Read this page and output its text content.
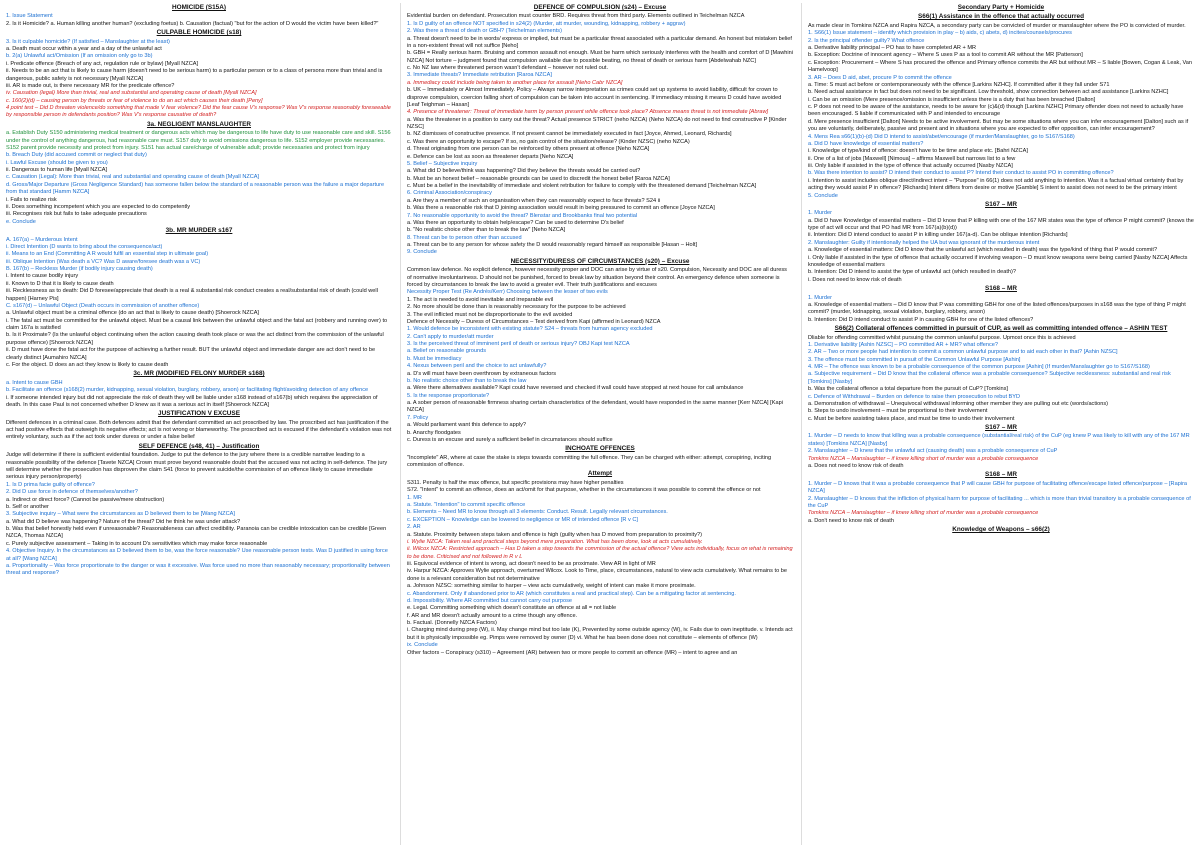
HOMICIDE (S15A)
1. Issue Statement
2. Is it Homicide? a. Human killing another human? (excluding foetus) b. Causation (factual) "but for the action of D would the victim have been killed?"
CULPABLE HOMICIDE (s18)
3. Is it culpable homicide? (If satisfied – Manslaughter at the least)
a. Death must occur within a year and a day of the unlawful act
b. 2(a) Unlawful act/Omission (If an omission only go to 3b)
i. Predicate offence (Breach of any act, regulation rule or bylaw) [Myall NZCA]
ii. Needs to be an act that is likely to cause harm (doesn't need to be serious harm) to a particular person or to a class of persons more than trivial and is dangerous, public safety is not necessary [Myall NZCA]
iii. AR is made out, is there necessary MR for the predicate offence?
iv. Causation (legal) More than trivial, real and substantial and operating cause of death [Myall NZCA]
c. 160(2)(d) – causing person by threats or fear of violence to do an act which causes their death [Peny]
4 point test – Did D threaten violence/do something that made V fear violence? Did the fear cause V's response? Was V's response reasonably foreseeable by responsible person in defendants position? Was V's response causative of death?
3a. NEGLIGENT MANSLAUGHTER
a. Establish Duty S150 administering medical treatment or dangerous acts which may be dangerous to life have duty to use reasonable care and skill. S156 under the control of anything dangerous, had reasonable care must. S157 duty to avoid omissions dangerous to life. S152 employer provide necessaries. S152 parent provide necessity and protect from injury. S151 has actual care/charge of vulnerable adult; provide necessaries and protect from injury
b. Breach Duty (did accused commit or neglect that duty)
i. Lawful Excuse (should be given to you)
ii. Dangerous to human life [Myall NZCA]
c. Causation (Legal): More than trivial, real and substantial and operating cause of death [Myall NZCA]
d. Gross/Major Departure (Gross Negligence Standard) has someone fallen below the standard of a reasonable person was the failure a major departure from that standard [Hamm NZCA]
i. Fails to realize risk
ii. Does something incompetent which you are expected to do competently
iii. Recognises risk but fails to take adequate precautions
e. Conclude
3b. MR MURDER s167
A. 167(a) – Murderous Intent
i. Direct Intention (D wants to bring about the consequence/act)
ii. Means to an End (Committing A R would fulfil an essential step in ultimate goal)
iii. Oblique Intention (Was death a VC? Was D aware/foresee death was a VC)
B. 167(b) – Reckless Murder (if bodily injury causing death)
i. Intent to cause bodily injury
ii. Known to D that it is likely to cause death
iii. Recklessness as to death: Did D foresee/appreciate that death is a real & substantial risk conduct creates a real/substantial risk of death (could well happen) [Harney Pis]
C. s167(d) – Unlawful Object (Death occurs in commission of another offence)
a. Unlawful object must be a criminal offence (do an act that is likely to cause death) [Shoerock NZCA]
i. The fatal act must be committed for the unlawful object. Must be a causal link between the unlawful object and the fatal act (robbery and running over) to claim 167a is satisfied
b. Is it Proximate? (Is the unlawful object continuing when the action causing death took place or was the act distinct from the commission of the unlawful purpose offence) [Shoerock NZCA]
ii. D must have done the fatal act for the purpose of achieving a further result. BUT the unlawful object and immediate danger are act don't need to be clearly distinct [Aumahiro NZCA]
c. For the object. D does an act they know is likely to cause death
3c. MR (MODIFIED FELONY MURDER s168)
a. Intent to cause GBH
b. Facilitate an offence (s168(2) murder, kidnapping, sexual violation, burglary, robbery, arson) or facilitating flight/avoiding detection of any offence
i. If someone intended injury but did not appreciate the risk of death they will be liable under s168 instead of s167(b) which requires the appreciation of death. In this case Paul is not concerned whether D knew as it was a serious act in itself [Shoerock NZCA]
JUSTIFICATION V EXCUSE
Different defences in a criminal case. Both defences admit that the defendant committed an act proscribed by law. The proscribed act has justification if the act had positive effects that outweigh its negative effects; act is not wrong or blameworthy. The proscribed act is excused if the defendant's violation was not entirely voluntary, such as if the act took under duress or under a false belief
SELF DEFENCE (s48, 41) – Justification
Judge will determine if there is sufficient evidential foundation. Judge to put the defence to the jury where there is a credible narrative leading to a reasonable possibility of the defence [Tavete NZCA] Crown must prove beyond reasonable doubt that the accused was not acting in self-defence. The jury will determine whether the prosecution has disproven the claim S41 (force to prevent suicide/the commission of an offence likely to cause immediate serious injury person/property)
1. Is D prima facie guilty of offence?
2. Did D use force in defence of themselves/another?
a. Indirect or direct force? (Cannot be passive/mere obstruction)
b. Self or another
3. Subjective inquiry – What were the circumstances as D believed them to be [Wang NZCA]
a. What did D believe was happening? Nature of the threat? Did he think he was under attack?
b. Was that belief honestly held even if unreasonable? Reasonableness can affect credibility. Paranoia can be credible intoxication can be credible [Green NZCA, Thomas NZCA]
c. Purely subjective assessment – Taking in to account D's sensitivities which may make force reasonable
4. Objective Inquiry. In the circumstances as D believed them to be, was the force reasonable? Use reasonable person tests. Was D justified in using force at all? [Wang NZCA]
a. Proportionality – Was force proportionate to the danger or was it excessive. Was force used no more than reasonably necessary; proportionality between threat and response?
DEFENCE OF COMPULSION (s24) – Excuse
Evidential burden on defendant. Prosecution must counter BRD. Requires threat from third party. Elements outlined in Teichelman NZCA
1. Is D guilty of an offence NOT specified in s24(2) (Murder, att murder, wounding, kidnapping, robbery + aggrav)
2. Was there a threat of death or GBH? (Teichelman elements)
a. Threat doesn't need to be in words/ express or implied, but must be a particular threat associated with a particular demand. An honest but mistaken belief in a non-existent threat will not suffice [Neho]
b. GBH = Really serious harm. Bruising and common assault not enough. Must be harm which seriously interferes with the health and comfort of D [Mawhini NZCA] Not torture – judgment found that compulsion available due to possible beating, no threat of death or serious harm [Abdelwahab NZC]
c. No NZ law where threatened person wasn't defendant – however not ruled out.
3. Immediate threats? Immediate retribution [Raroa NZCA]
a. Immediacy could include being taken to another place for assault [Neho Cabr NZCA]
b. UK – Immediately or Almost Immediately. Policy – Always narrow interpretation as crimes could set up systems to avoid liability, difficult for crown to disprove compulsion, coercion falling short of compulsion can be taken into account in sentencing. If immediacy missing it means D could have avoided [Leaf Teighman – Hasan]
4. Presence of threatener: Threat of immediate harm by person present while offence took place? Absence means threat is not immediate [Abraw]
a. Was the threatener in a position to carry out the threat? Actual presence STRICT (neho NZCA) (Neho NZCA) do not need to find constructive P [Kinder NZSC]
b. NZ dismisses of constructive presence. If not present cannot be immediately executed in fact [Joyce, Ahmed, Leonard, Richards]
c. Was there an opportunity to escape? If so, no gain control of the situation/release? (Kinder NZSC) (neho NZCA)
d. Threat originating from one person can be reinforced by others present at offence [Neho NZCA]
e. Defence can be lost as soon as threatener departs [Neho NZCA]
5. Belief – Subjective inquiry
a. What did D believe/think was happening? Did they believe the threats would be carried out?
b. Must be an honest belief – reasonable grounds can be used to discredit the honest belief [Raroa NZCA]
c. Must be a belief in the inevitability of immediate and violent retribution for failure to comply with the threatened demand [Teichelman NZCA]
6. Criminal Association/conspiracy
a. Are they a member of such an organisation when they can reasonably expect to face threats? S24 ii
b. Was there a reasonable risk that D joining association would result in being pressured to commit an offence [Joyce NZCA]
7. No reasonable opportunity to avoid the threat? Blenstar and Brookbanks final two potential
a. Was there an opportunity to obtain help/escape? Can be used to determine D's belief
b. "No realistic choice other than to break the law" [Neho NZCA]
8. Threat can be to person other than accused
a. Threat can be to any person for whose safety the D would reasonably regard himself as responsible [Hasan – Holt]
9. Conclude
NECESSITY/DURESS OF CIRCUMSTANCES (s20) – Excuse
Common law defence. No explicit defence, however necessity proper and DOC can arise by virtue of s20. Compulsion, Necessity and DOC are all duress of normative involuntariness. D should not be punished, forced to break law by situation beyond their control. An emergency defence when someone is forced by circumstances to break the law to avoid a greater evil. Their truth justifications and excuses
Necessity Proper Test (Re Andrés/Kerr) Choosing between the lesser of two evils
1. The act is needed to avoid inevitable and irreparable evil
2. No more should be done than is reasonably necessary for the purpose to be achieved
3. The evil inflicted must not be disproportionate to the evil avoided
Defence of Necessity – Duress of Circumstances – Test derived from Kapi (affirmed in Leonard) NZCA
1. Would defence be inconsistent with existing statute? S24 – threats from human agency excluded
2. Can't apply to murder/att murder
3. Is the perceived threat of imminent peril of death or serious injury? OBJ Kapi test NZCA
a. Belief on reasonable grounds
b. Must be immediacy
4. Nexus between peril and the choice to act unlawfully?
a. D's will must have been overthrown by extraneous factors
b. No realistic choice other than to break the law
a. Were there alternatives available? Kapi could have reversed and checked if wall could have stopped at next house for call ambulance
5. Is the response proportionate?
a. A sober person of reasonable firmness sharing certain characteristics of the defendant, would have responded in the same manner [Kerr NZCA] [Kapi NZCA]
7. Policy
a. Would parliament want this defence to apply?
b. Anarchy floodgates
c. Duress is an excuse and surely a sufficient belief in circumstances should suffice
INCHOATE OFFENCES
"Incomplete" AR, where at case the stake is steps towards committing the full offence. They can be charged with either: attempt, conspiring, inciting commission of offence.
Attempt
S311. Penalty is half the max offence, but specific provisions may have higher penalties
S72. "Intent" to commit an offence, does an act/omit for that purpose, whether in the circumstances it was possible to commit the offence or not
1. MR
a. Statute. "Intention" to commit specific offence
b. Elements – Need MR to know through all 3 elements: Conduct. Result. Legally relevant circumstances.
c. EXCEPTION – Knowledge can be lowered to negligence or MR of intended offence [R v C]
2. AR
a. Statute. Proximity between steps taken and offence is high (guilty when has D moved from preparation to proximity?)
i. Wylie NZCA: Taken real and practical steps beyond mere preparation. What has been done, look at acts cumulatively.
ii. Wilcox NZCA: Restricted approach – Has D taken a step towards the commission of the actual offence? View acts individually, focus on what is remaining to be done. Criticised and not followed in R v L
iii. Equivocal evidence of intent is wrong, act doesn't need to be as proximate. View AR in light of MR
iv. Harpur NZCA: Approves Wylie approach, overturned Wilcox. Look to Time, place, circumstances, natural to view acts cumulatively. What remains to be done is a relevant consideration but not determinative
a. Johnson NZSC: something similar to harper – view acts cumulatively, weight of intent can make it more proximate.
c. Abandonment. Only if abandoned prior to AR (which constitutes a real and practical step). Can be a mitigating factor at sentencing.
d. Impossibility. Where AR committed but cannot carry out purpose
e. Legal. Committing something which doesn't constitute an offence at all = not liable
f. AR and MR doesn't actually amount to a crime though any offence.
b. Factual. (Donnelly NZCA Factors)
i. Charging mind during prep (W), ii. May change mind but too late (K), Prevented by some outside agency (W), iv. Fails due to own ineptitude. v. Intends act but it is physically impossible eg. Pimps were removed by owner (D) vi. What he has been done does not constitute – elements of offence (W)
ix. Conclude
Other factors – Conspiracy (s310) – Agreement (AR) between two or more people to commit an offence (MR) – intent to agree and an
Secondary Party + Homicide
S66(1) Assistance in the offence that actually occurred
As made clear in Tomkins NZCA and Rapira NZCA, a secondary party can be convicted of murder or manslaughter where the PO is convicted of murder.
1. S66(1) Issue statement – identify which provision in play – b) aids, c) abets, d) incites/counsels/procures
2. Is the principal offender guilty? What offence
a. Derivative liability principal – PO has to have completed AR + MR
b. Exception: Doctrine of innocent agency – Where S uses P as a tool to commit AR without the MR [Patterson]
c. Exception: Procurement – Where S has procured the offence and Primary offence commits the AR but without MR – S liable [Bowen, Cogan & Leak, Van Hamelvoop]
3. AR – Does D aid, abet, procure P to commit the offence
a. Time: S must act before or contemporaneously with the offence [Larkins NZHC]. If committed after it they fall under S71
b. Need actual assistance in fact but does not need to be significant. Low threshold, show connection between act and assistance [Larkins NZHC]
i. Can be an omission (Mere presence/omission is insufficient unless there is a duty that has been breached [Dalton]
c. P does not need to be aware of the assistance, needs to be aware for (c)&(d) though [Larkins NZHC] Primary offender does not need to actually have been encouraged. S liable if communicated with P and intended to encourage
d. Mere presence insufficient [Dalton] Needs to be active involvement. But may be some situations where you can infer encouragement [Dalton] such as if you are voluntarily, deliberately, passive and present and in situations where you are expected to offer opposition, can infer encouragement?
4. Mens Rea s66(1)(b)-(d) Did D intend to assist/abet/encourage (if murder/Manslaughter, go to S167/S168)
a. Did D have knowledge of essential matters?
i. Knowledge of type/kind of offence: doesn't have to be time and place etc. [Bahri NZCA]
ii. One of a list of jobs [Maxwell] [Nimoua] – affirms Maxwell but narrows list to a few
iii. Only liable if assisted in the type of offence that actually occurred [Nasby NZCA]
b. Was there intention to assist? D intend their conduct to assist P? Intend their conduct to assist PO in committing offence?
i. Intention to assist includes oblique direct/indirect intent – "Purpose" in 66(1) does not add anything to intention. Was it a factual virtual certainty that by acting they would assist P in offence? [Richards] Intent differs from desire or motive [Gamble] S intent to assist does not need to be the primary intent
5. Conclude
S167 – MR
1. Murder
a. Did D have Knowledge of essential matters – Did D know that P killing with one of the 167 MR states was the type of offence P might commit? (knows the type of act will occur and that PO had MR from 167(a)(b)(d))
ii. Intention: Did D intend conduct to assist P in killing under 167(a-d). Can be oblique intention [Richards]
2. Manslaughter: Guilty if intentionally helped the UA but was ignorant of the murderous intent
a. Knowledge of essential matters: Did D know that the unlawful act (which resulted in death) was the type/kind of thing that P would commit?
i. Only liable if assisted in the type of offence that actually occurred if involving weapon – D must know weapons were being carried [Nasby NZCA] Affects knowledge of essential matters
b. Intention: Did D intend to assist the type of unlawful act (which resulted in death)?
i. Does not need to know risk of death
S168 – MR
1. Murder
a. Knowledge of essential matters – Did D know that P was committing GBH for one of the listed offences/purposes in s168 was the type of thing P might commit? (murder, kidnapping, sexual violation, burglary, robbery, arson)
b. Intention: Did D intend conduct to assist P in causing GBH for one of the listed offences?
S66(2) Collateral offences committed in pursuit of CUP, as well as committing intended offence – ASHIN TEST
Dliable for offending committed whilst pursuing the common unlawful purpose. Upmost once this is achieved
1. Derivative liability [Ashin NZSC] – PO committed AR + MR? what offence?
2. AR – Two or more people had intention to commit a common unlawful purpose and to aid each other in that? [Ashin NZSC]
3. The offence must be committed in pursuit of the Common Unlawful Purpose [Ashin]
4. MR – The offence was known to be a probable consequence of the common purpose [Ashin] (If murder/Manslaughter go to S167/S168)
a. Subjective requirement – Did D know that the collateral offence was a probable consequence? Subjective recklessness: substantial and real risk [Tomkins] [Nasby]
b. Was the collateral offence a total departure from the pursuit of CuP? [Tomkins]
c. Defence of Withdrawal – Burden on defence to raise then prosecution to rebut BYD
a. Demonstration of withdrawal – Unequivocal withdrawal informing other member they are pulling out etc (words/actions)
b. Steps to undo involvement – must be proportional to their involvement
c. Must be before assisting takes place, and must be time to undo their involvement
S167 – MR
1. Murder – D needs to know that killing was a probable consequence (substantial/real risk) of the CuP (eg knew P was likely to kill with any of the 167 MR states) [Tomkins NZCA] [Nasby]
2. Manslaughter – D knew that the unlawful act (causing death) was a probable consequence of CuP
Tomkins NZCA – Manslaughter – if knew killing short of murder was a probable consequence
a. Does not need to know risk of death
S168 – MR
1. Murder – D knows that it was a probable consequence that P will cause GBH for purpose of facilitating offence/escape listed offence/purpose – [Rapira NZCA]
2. Manslaughter – D knows that the infliction of physical harm for purpose of facilitating ... which is more than trivial transitory is a probable consequence of the CuP
Tomkins NZCA – Manslaughter – if knew killing short of murder was a probable consequence
a. Don't need to know risk of death
Knowledge of Weapons – s66(2)
